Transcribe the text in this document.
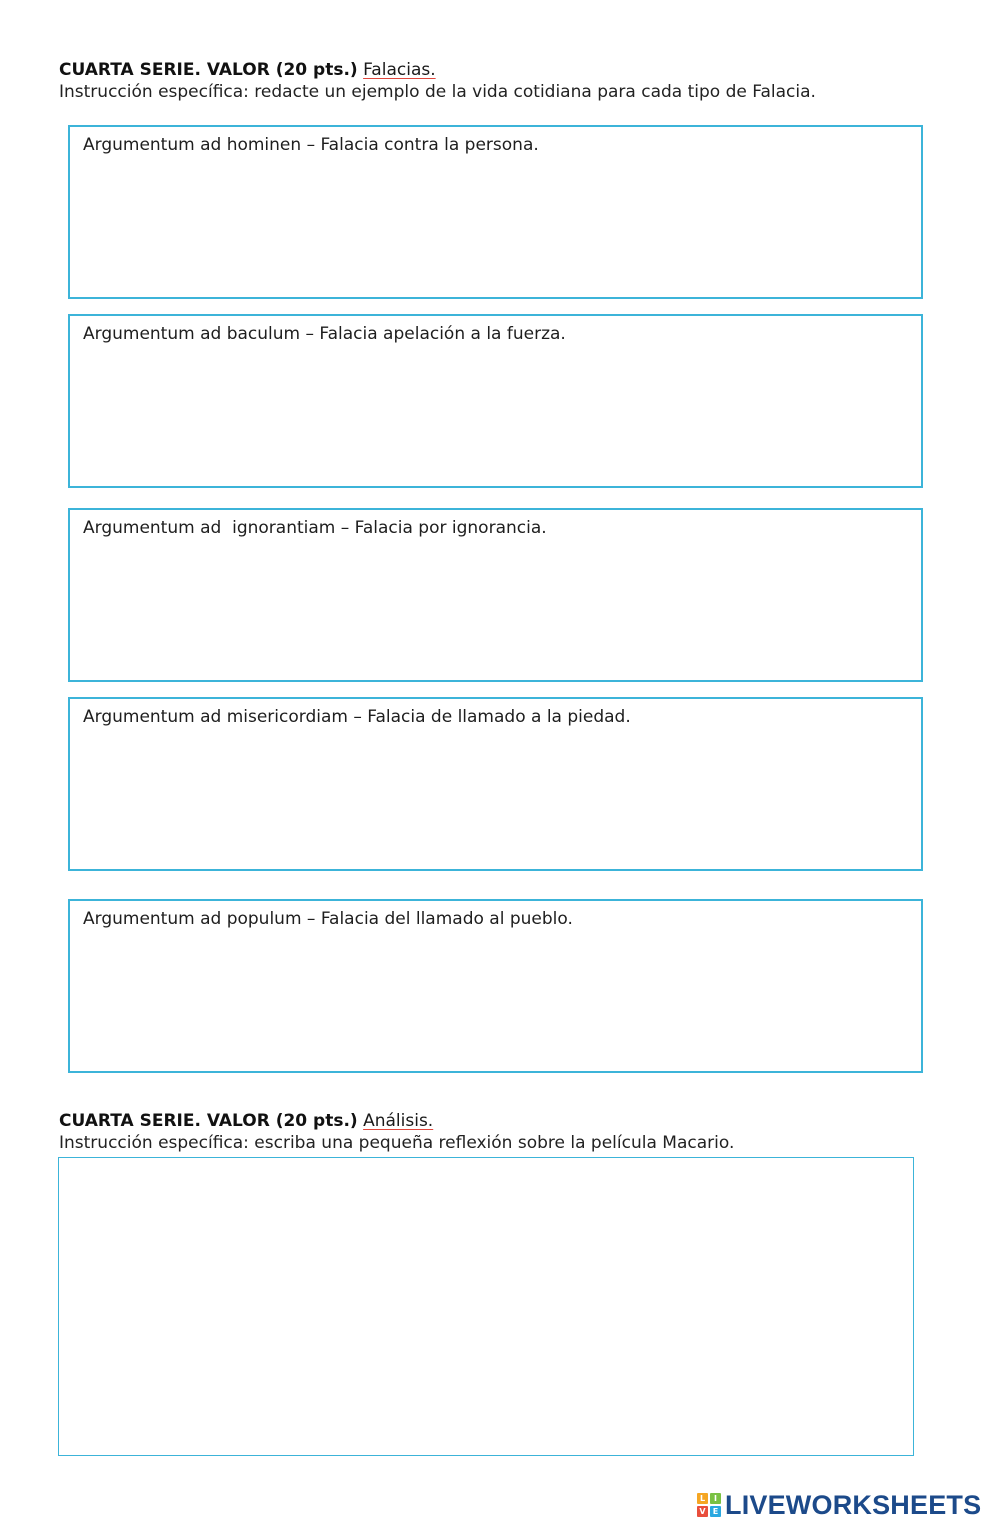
CUARTA SERIE. VALOR (20 pts.) Falacias.
Instrucción específica: redacte un ejemplo de la vida cotidiana para cada tipo de Falacia.
Argumentum ad hominen – Falacia contra la persona.
Argumentum ad baculum – Falacia apelación a la fuerza.
Argumentum ad  ignorantiam – Falacia por ignorancia.
Argumentum ad misericordiam – Falacia de llamado a la piedad.
Argumentum ad populum – Falacia del llamado al pueblo.
CUARTA SERIE. VALOR (20 pts.) Análisis.
Instrucción específica: escriba una pequeña reflexión sobre la película Macario.
L	I
V E LIVEWORKSHEETS
